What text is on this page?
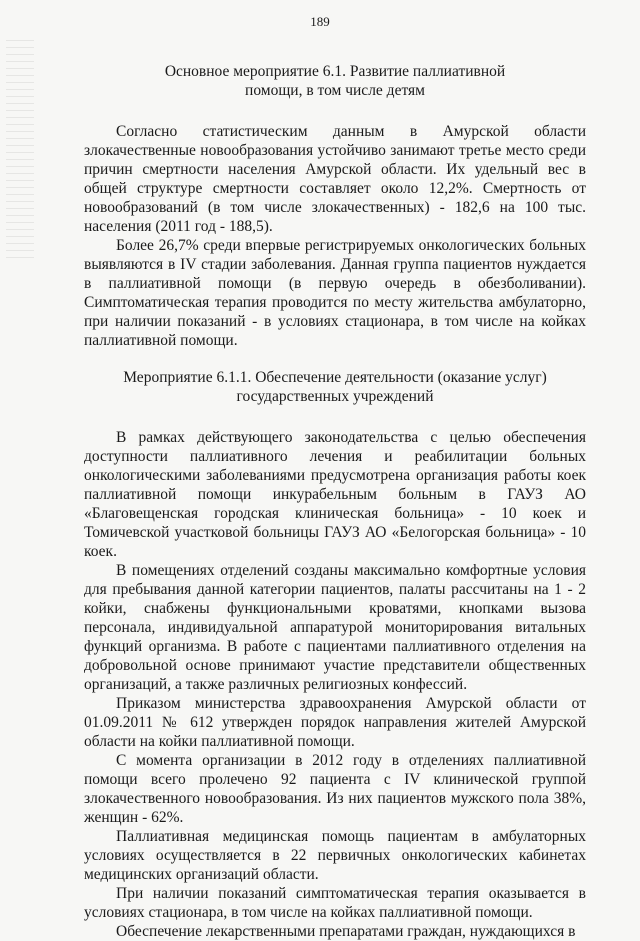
189
Основное мероприятие 6.1. Развитие паллиативной
помощи, в том числе детям

Согласно статистическим данным в Амурской области злокачественные новообразования устойчиво занимают третье место среди причин смертности населения Амурской области. Их удельный вес в общей структуре смертности составляет около 12,2%. Смертность от новообразований (в том числе злокачественных) - 182,6 на 100 тыс. населения (2011 год - 188,5).

Более 26,7% среди впервые регистрируемых онкологических больных выявляются в IV стадии заболевания. Данная группа пациентов нуждается в паллиативной помощи (в первую очередь в обезболивании). Симптоматическая терапия проводится по месту жительства амбулаторно, при наличии показаний - в условиях стационара, в том числе на койках паллиативной помощи.

Мероприятие 6.1.1. Обеспечение деятельности (оказание услуг)
государственных учреждений

В рамках действующего законодательства с целью обеспечения доступности паллиативного лечения и реабилитации больных онкологическими заболеваниями предусмотрена организация работы коек паллиативной помощи инкурабельным больным в ГАУЗ АО «Благовещенская городская клиническая больница» - 10 коек и Томичевской участковой больницы ГАУЗ АО «Белогорская больница» - 10 коек.

В помещениях отделений созданы максимально комфортные условия для пребывания данной категории пациентов, палаты рассчитаны на 1 - 2 койки, снабжены функциональными кроватями, кнопками вызова персонала, индивидуальной аппаратурой мониторирования витальных функций организма. В работе с пациентами паллиативного отделения на добровольной основе принимают участие представители общественных организаций, а также различных религиозных конфессий.

Приказом министерства здравоохранения Амурской области от 01.09.2011 № 612 утвержден порядок направления жителей Амурской области на койки паллиативной помощи.

С момента организации в 2012 году в отделениях паллиативной помощи всего пролечено 92 пациента с IV клинической группой злокачественного новообразования. Из них пациентов мужского пола 38%, женщин - 62%.

Паллиативная медицинская помощь пациентам в амбулаторных условиях осуществляется в 22 первичных онкологических кабинетах медицинских организаций области.

При наличии показаний симптоматическая терапия оказывается в условиях стационара, в том числе на койках паллиативной помощи.

Обеспечение лекарственными препаратами граждан, нуждающихся в
